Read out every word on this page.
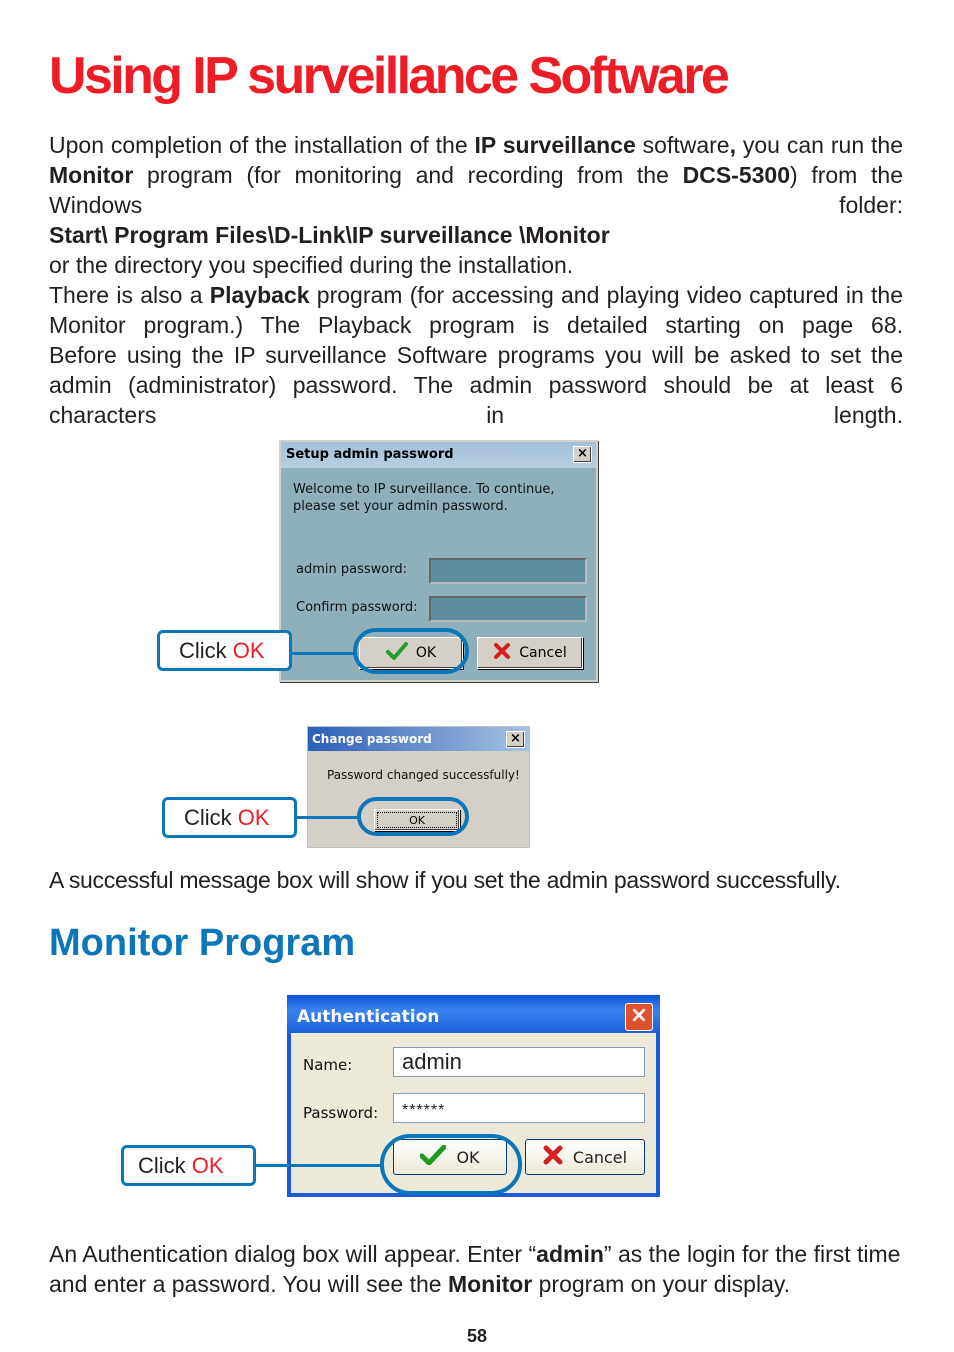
Using IP surveillance Software

Upon completion of the installation of the IP surveillance software, you can run the Monitor program (for monitoring and recording from the DCS-5300) from the Windows folder:

Start\ Program Files\D-Link\IP surveillance \Monitor

or the directory you specified during the installation.

There is also a Playback program (for accessing and playing video captured in the Monitor program.) The Playback program is detailed starting on page 68.

Before using the IP surveillance Software programs you will be asked to set the admin (administrator) password. The admin password should be at least 6 characters in length.

Setup admin password	×
Welcome to IP surveillance. To continue,
please set your admin password.
admin password:
Confirm password:
OK	Cancel
Click OK
Change password	×
Password changed successfully!
OK
Click OK

A successful message box will show if you set the admin password successfully.

Monitor Program
Authentication	×
Name:	admin
Password:	******
OK	Cancel
Click OK

An Authentication dialog box will appear. Enter “admin” as the login for the first time and enter a password. You will see the Monitor program on your display.

58
